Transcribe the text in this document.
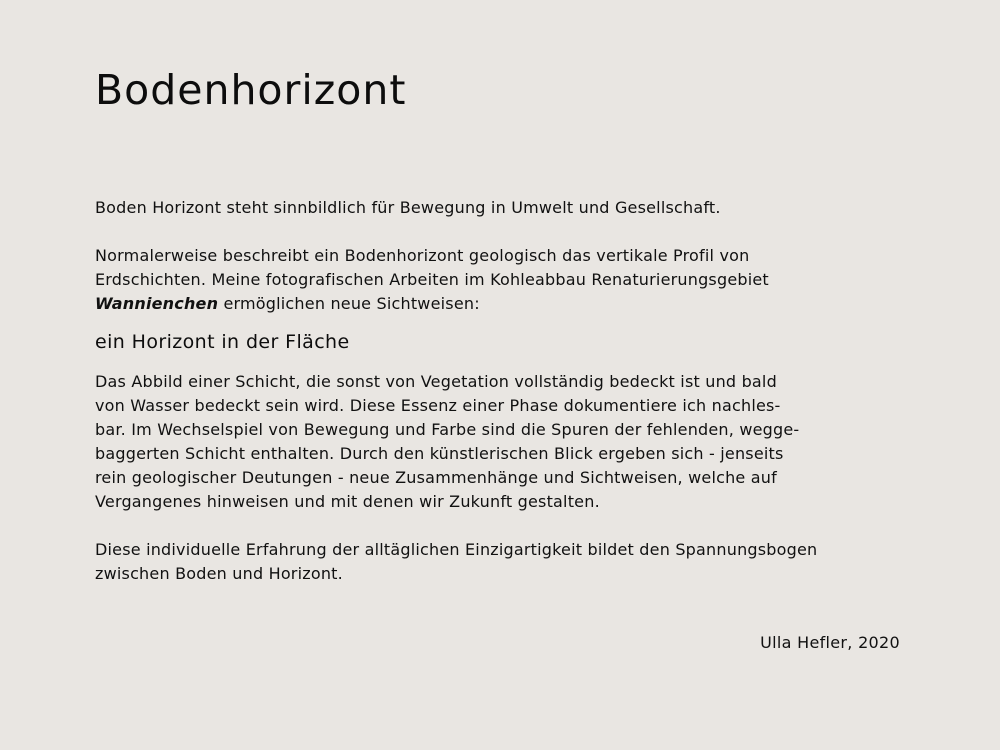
Bodenhorizont

Boden Horizont steht sinnbildlich für Bewegung in Umwelt und Gesellschaft.

Normalerweise beschreibt ein Bodenhorizont geologisch das vertikale Profil von
Erdschichten. Meine fotografischen Arbeiten im Kohleabbau Renaturierungsgebiet
Wannienchen ermöglichen neue Sichtweisen:

ein Horizont in der Fläche

Das Abbild einer Schicht, die sonst von Vegetation vollständig bedeckt ist und bald
von Wasser bedeckt sein wird. Diese Essenz einer Phase dokumentiere ich nachles-
bar. Im Wechselspiel von Bewegung und Farbe sind die Spuren der fehlenden, wegge-
baggerten Schicht enthalten. Durch den künstlerischen Blick ergeben sich - jenseits
rein geologischer Deutungen - neue Zusammenhänge und Sichtweisen, welche auf
Vergangenes hinweisen und mit denen wir Zukunft gestalten.

Diese individuelle Erfahrung der alltäglichen Einzigartigkeit bildet den Spannungsbogen
zwischen Boden und Horizont.

Ulla Hefler, 2020
